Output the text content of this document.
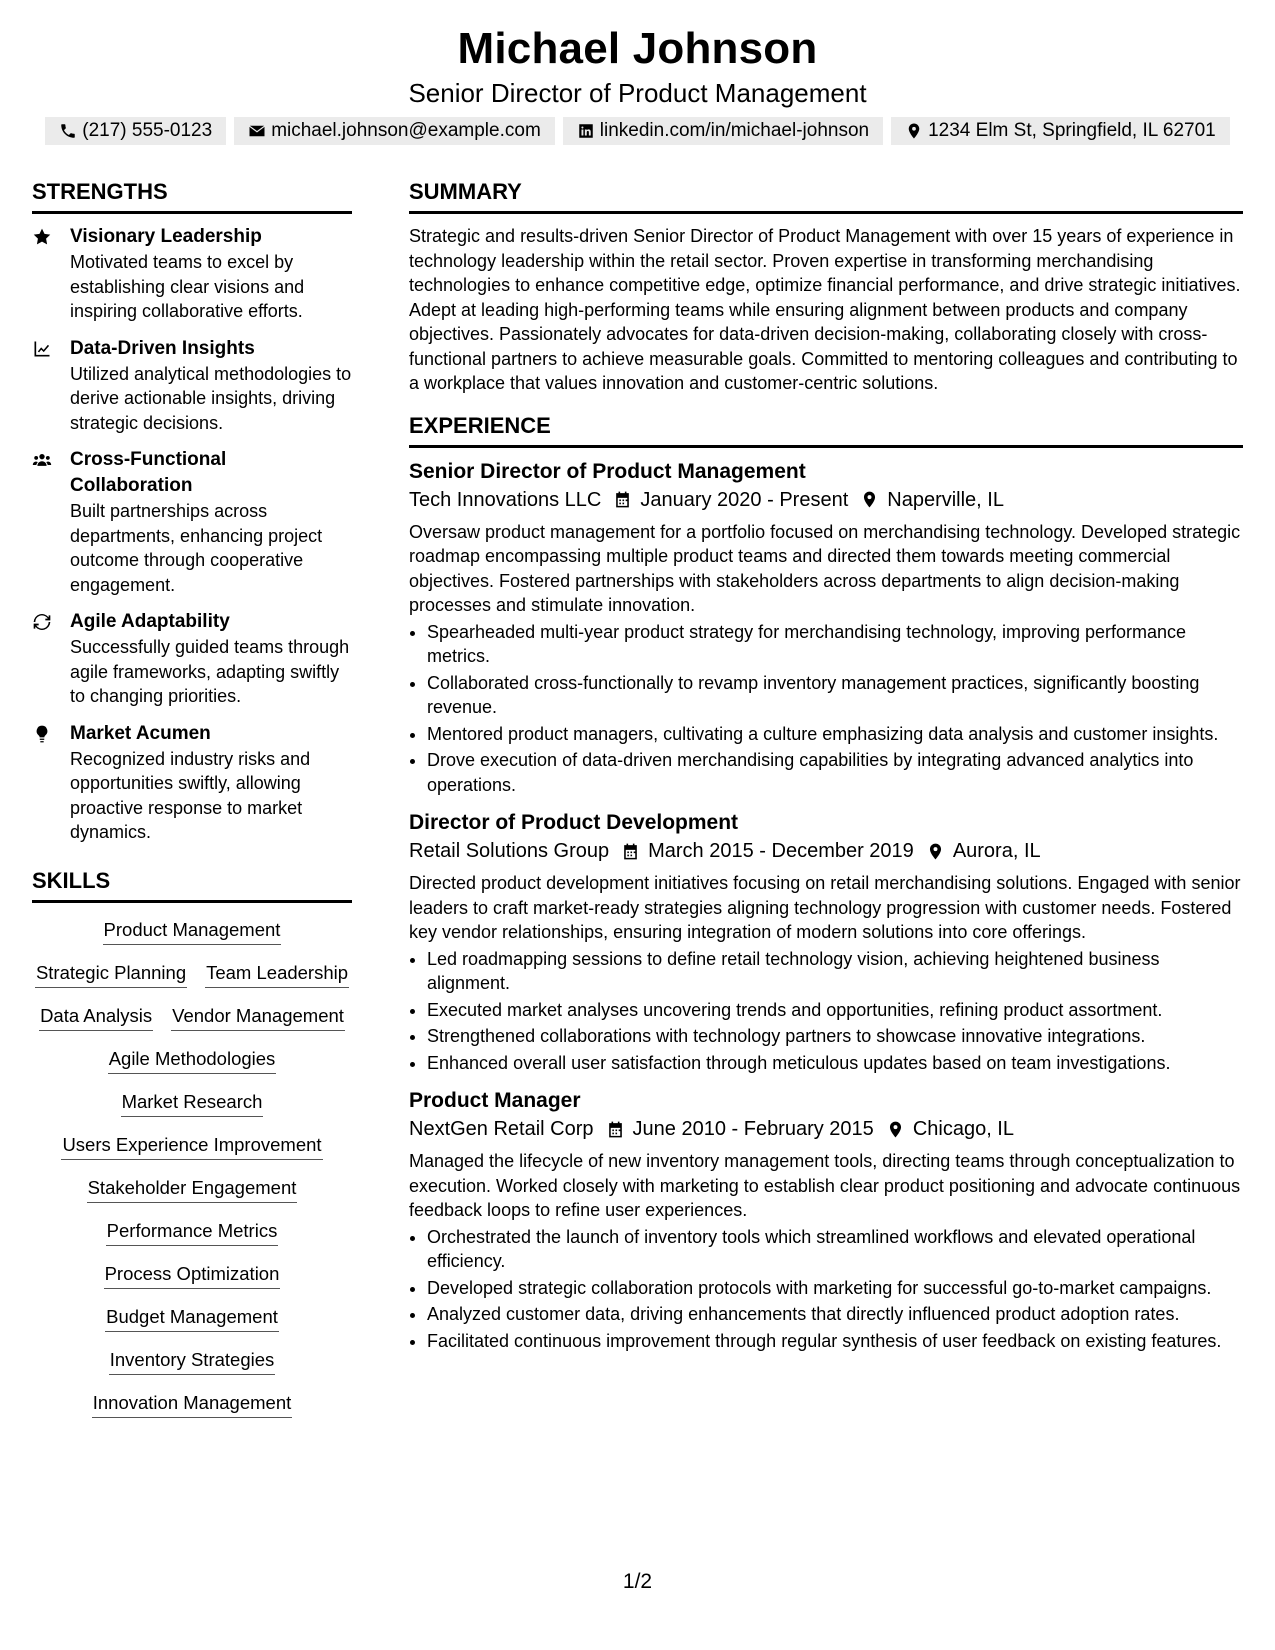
Michael Johnson
Senior Director of Product Management
(217) 555-0123	michael.johnson@example.com	linkedin.com/in/michael-johnson	1234 Elm St, Springfield, IL 62701
STRENGTHS
Visionary Leadership
Motivated teams to excel by establishing clear visions and inspiring collaborative efforts.
Data-Driven Insights
Utilized analytical methodologies to derive actionable insights, driving strategic decisions.
Cross-Functional Collaboration
Built partnerships across departments, enhancing project outcome through cooperative engagement.
Agile Adaptability
Successfully guided teams through agile frameworks, adapting swiftly to changing priorities.
Market Acumen
Recognized industry risks and opportunities swiftly, allowing proactive response to market dynamics.
SKILLS
Product Management
Strategic Planning Team Leadership
Data Analysis Vendor Management
Agile Methodologies
Market Research
Users Experience Improvement
Stakeholder Engagement
Performance Metrics
Process Optimization
Budget Management
Inventory Strategies
Innovation Management
SUMMARY
Strategic and results-driven Senior Director of Product Management with over 15 years of experience in technology leadership within the retail sector. Proven expertise in transforming merchandising technologies to enhance competitive edge, optimize financial performance, and drive strategic initiatives. Adept at leading high-performing teams while ensuring alignment between products and company objectives. Passionately advocates for data-driven decision-making, collaborating closely with cross-functional partners to achieve measurable goals. Committed to mentoring colleagues and contributing to a workplace that values innovation and customer-centric solutions.
EXPERIENCE
Senior Director of Product Management
Tech Innovations LLC January 2020 - Present Naperville, IL
Oversaw product management for a portfolio focused on merchandising technology. Developed strategic roadmap encompassing multiple product teams and directed them towards meeting commercial objectives. Fostered partnerships with stakeholders across departments to align decision-making processes and stimulate innovation.
• Spearheaded multi-year product strategy for merchandising technology, improving performance metrics.
• Collaborated cross-functionally to revamp inventory management practices, significantly boosting revenue.
• Mentored product managers, cultivating a culture emphasizing data analysis and customer insights.
• Drove execution of data-driven merchandising capabilities by integrating advanced analytics into operations.
Director of Product Development
Retail Solutions Group March 2015 - December 2019 Aurora, IL
Directed product development initiatives focusing on retail merchandising solutions. Engaged with senior leaders to craft market-ready strategies aligning technology progression with customer needs. Fostered key vendor relationships, ensuring integration of modern solutions into core offerings.
• Led roadmapping sessions to define retail technology vision, achieving heightened business alignment.
• Executed market analyses uncovering trends and opportunities, refining product assortment.
• Strengthened collaborations with technology partners to showcase innovative integrations.
• Enhanced overall user satisfaction through meticulous updates based on team investigations.
Product Manager
NextGen Retail Corp June 2010 - February 2015 Chicago, IL
Managed the lifecycle of new inventory management tools, directing teams through conceptualization to execution. Worked closely with marketing to establish clear product positioning and advocate continuous feedback loops to refine user experiences.
• Orchestrated the launch of inventory tools which streamlined workflows and elevated operational efficiency.
• Developed strategic collaboration protocols with marketing for successful go-to-market campaigns.
• Analyzed customer data, driving enhancements that directly influenced product adoption rates.
• Facilitated continuous improvement through regular synthesis of user feedback on existing features.
1/2
